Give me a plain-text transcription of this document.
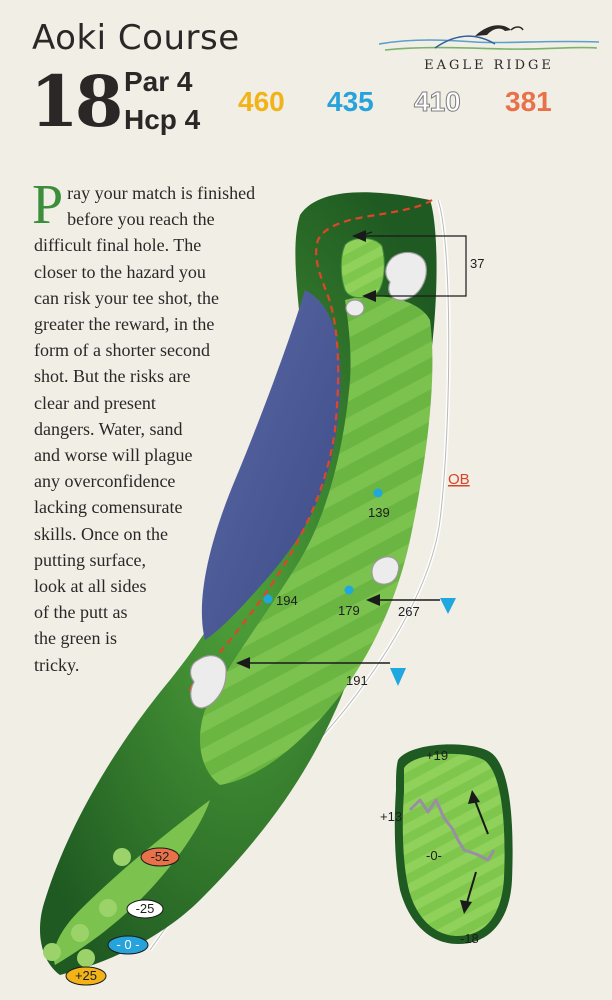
Aoki Course
18 Par 4
Hcp 4
460 435 410 381
EAGLE RIDGE
37
OB
139
194
179	267
191
-52
-25
- 0 -
+25
+19
+13
-0-
-18
P ray your match is finished
before you reach the
difficult final hole. The
closer to the hazard you
can risk your tee shot, the
greater the reward, in the
form of a shorter second
shot. But the risks are
clear and present
dangers. Water, sand
and worse will plague
any overconfidence
lacking comensurate
skills. Once on the
putting surface,
look at all sides
of the putt as
the green is
tricky.
